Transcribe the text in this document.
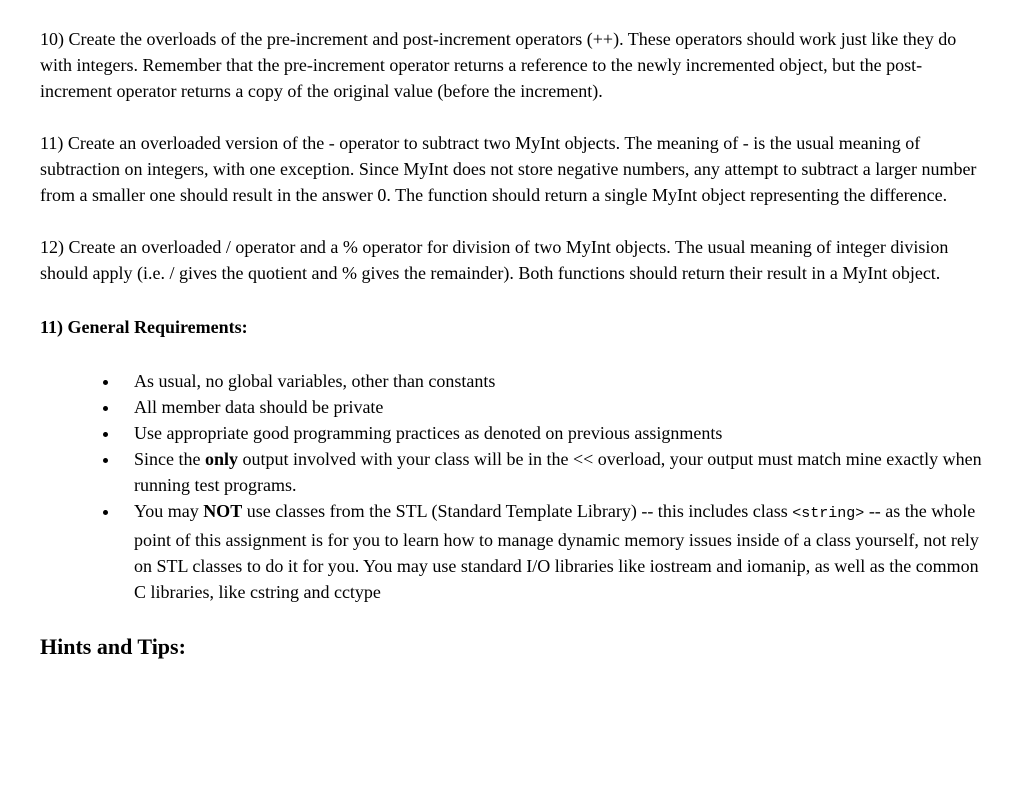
10) Create the overloads of the pre-increment and post-increment operators (++). These operators should work just like they do with integers. Remember that the pre-increment operator returns a reference to the newly incremented object, but the post-increment operator returns a copy of the original value (before the increment).

11) Create an overloaded version of the - operator to subtract two MyInt objects. The meaning of - is the usual meaning of subtraction on integers, with one exception. Since MyInt does not store negative numbers, any attempt to subtract a larger number from a smaller one should result in the answer 0. The function should return a single MyInt object representing the difference.

12) Create an overloaded / operator and a % operator for division of two MyInt objects. The usual meaning of integer division should apply (i.e. / gives the quotient and % gives the remainder). Both functions should return their result in a MyInt object.

11) General Requirements:
• As usual, no global variables, other than constants
• All member data should be private
• Use appropriate good programming practices as denoted on previous assignments
• Since the only output involved with your class will be in the << overload, your output must match mine exactly when running test programs.
• You may NOT use classes from the STL (Standard Template Library) -- this includes class <string> -- as the whole point of this assignment is for you to learn how to manage dynamic memory issues inside of a class yourself, not rely on STL classes to do it for you. You may use standard I/O libraries like iostream and iomanip, as well as the common C libraries, like cstring and cctype
Hints and Tips:
